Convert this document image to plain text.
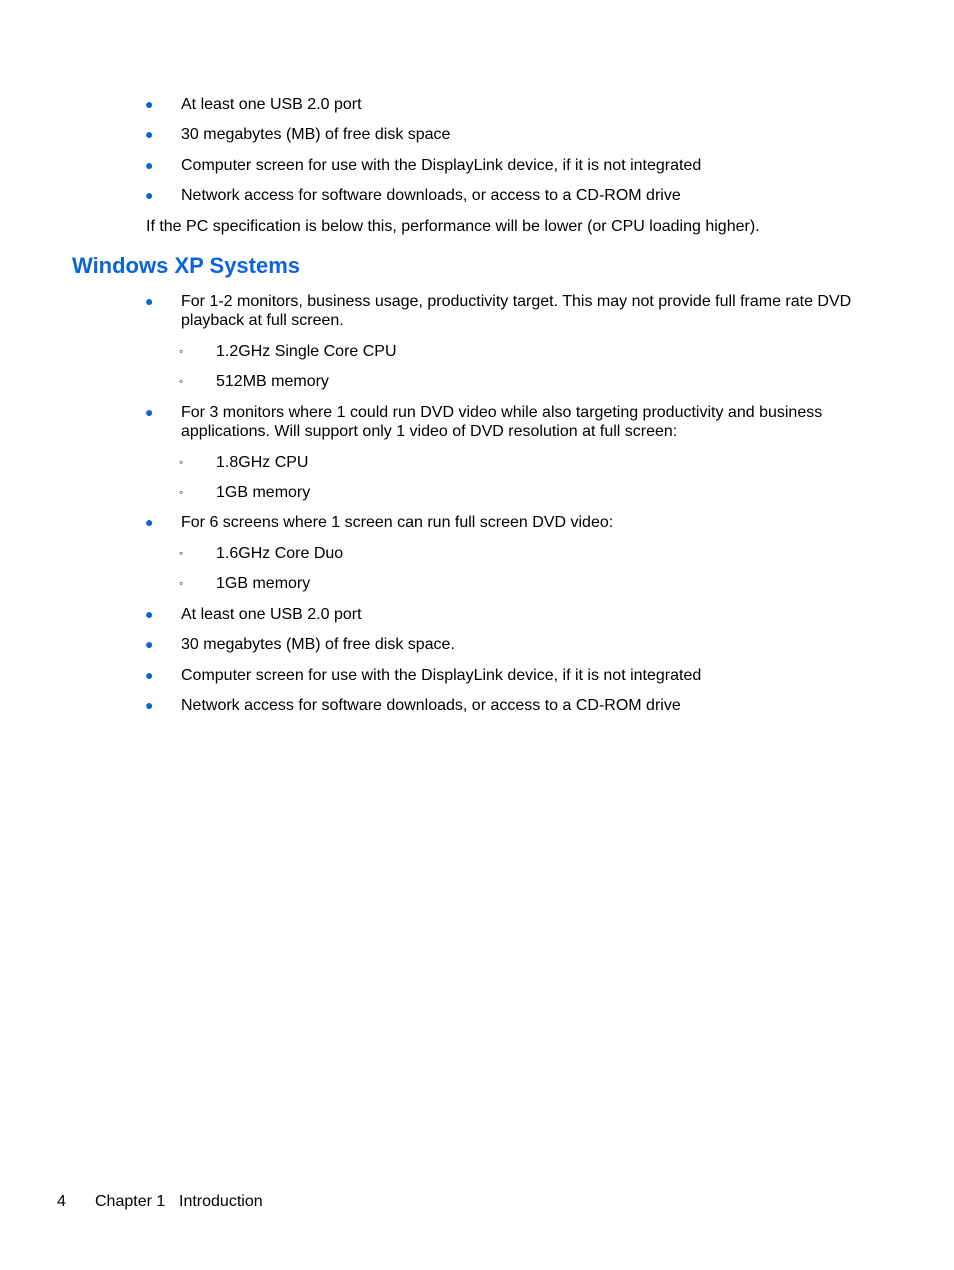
●	At least one USB 2.0 port
●	30 megabytes (MB) of free disk space
●	Computer screen for use with the DisplayLink device, if it is not integrated
●	Network access for software downloads, or access to a CD-ROM drive
If the PC specification is below this, performance will be lower (or CPU loading higher).
Windows XP Systems
●	For 1-2 monitors, business usage, productivity target. This may not provide full frame rate DVD playback at full screen.
◦	1.2GHz Single Core CPU
◦	512MB memory
●	For 3 monitors where 1 could run DVD video while also targeting productivity and business applications. Will support only 1 video of DVD resolution at full screen:
◦	1.8GHz CPU
◦	1GB memory
●	For 6 screens where 1 screen can run full screen DVD video:
◦	1.6GHz Core Duo
◦	1GB memory
●	At least one USB 2.0 port
●	30 megabytes (MB) of free disk space.
●	Computer screen for use with the DisplayLink device, if it is not integrated
●	Network access for software downloads, or access to a CD-ROM drive
4 Chapter 1 Introduction
